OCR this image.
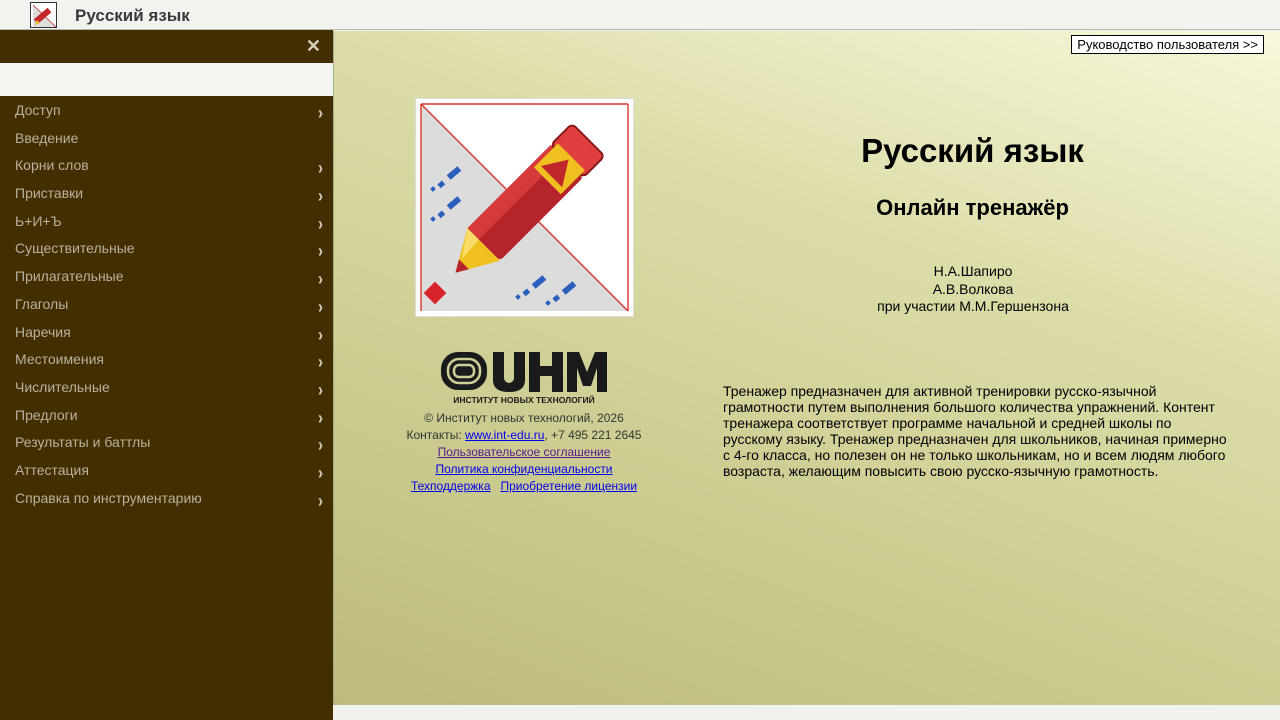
Русский язык
✕
Доступ	›
Введение
Корни слов	›
Приставки	›
Ь+И+Ъ	›
Существительные	›
Прилагательные	›
Глаголы	›
Наречия	›
Местоимения	›
Числительные	›
Предлоги	›
Результаты и баттлы	›
Аттестация	›
Справка по инструментарию	›
Руководство пользователя >>
Русский язык
Онлайн тренажёр
Н.А.Шапиро
А.В.Волкова
при участии М.М.Гершензона
ИНСТИТУТ НОВЫХ ТЕХНОЛОГИЙ
© Институт новых технологий, 2026
Контакты: www.int-edu.ru, +7 495 221 2645
Пользовательское соглашение
Политика конфиденциальности
Техподдержка Приобретение лицензии
Тренажер предназначен для активной тренировки русско-язычной грамотности путем выполнения большого количества упражнений. Контент тренажера соответствует программе начальной и средней школы по русскому языку. Тренажер предназначен для школьников, начиная примерно с 4-го класса, но полезен он не только школьникам, но и всем людям любого возраста, желающим повысить свою русско-язычную грамотность.
